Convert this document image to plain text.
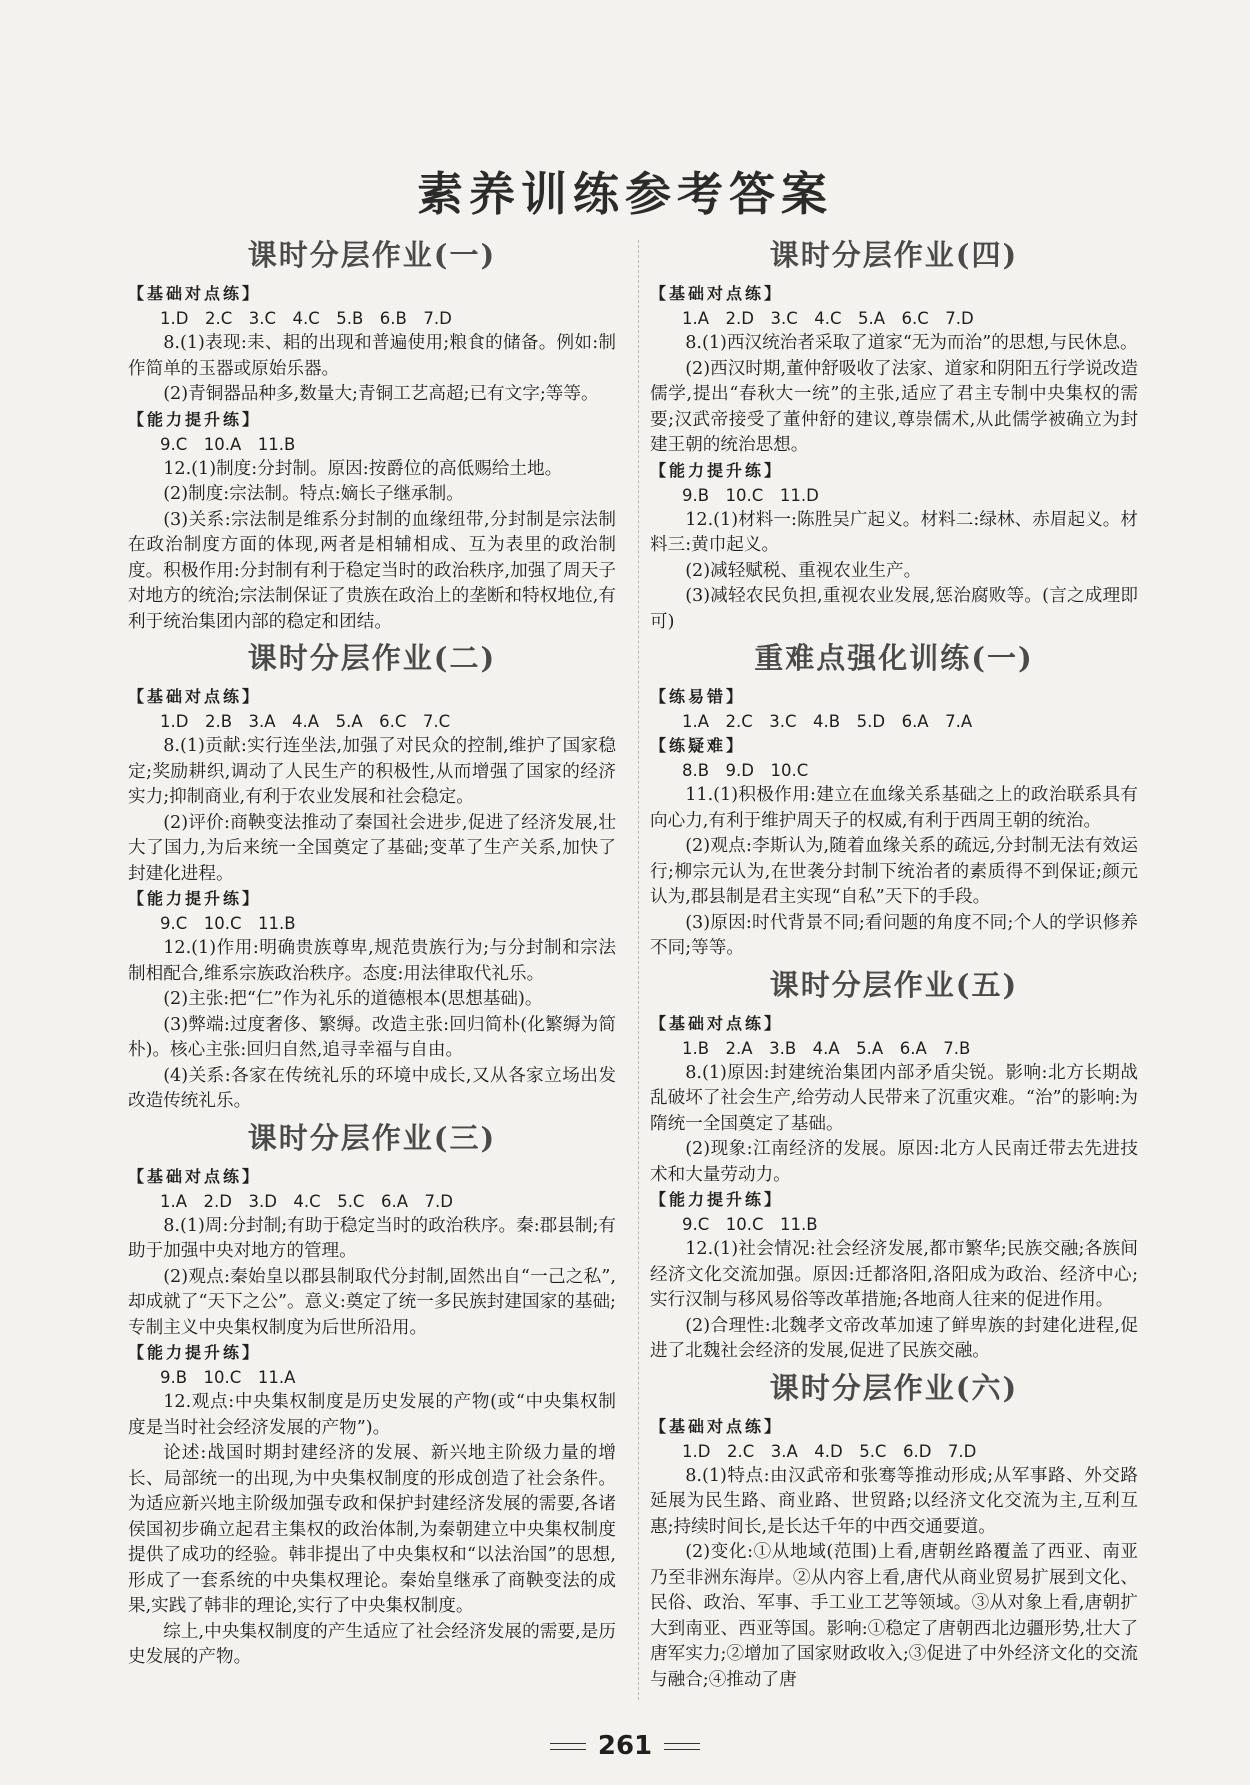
素养训练参考答案
课时分层作业(一)
【基础对点练】
1.D　2.C　3.C　4.C　5.B　6.B　7.D

8.(1)表现:耒、耜的出现和普遍使用;粮食的储备。例如:制作简单的玉器或原始乐器。

(2)青铜器品种多,数量大;青铜工艺高超;已有文字;等等。

【能力提升练】
9.C　10.A　11.B

12.(1)制度:分封制。原因:按爵位的高低赐给土地。

(2)制度:宗法制。特点:嫡长子继承制。

(3)关系:宗法制是维系分封制的血缘纽带,分封制是宗法制在政治制度方面的体现,两者是相辅相成、互为表里的政治制度。积极作用:分封制有利于稳定当时的政治秩序,加强了周天子对地方的统治;宗法制保证了贵族在政治上的垄断和特权地位,有利于统治集团内部的稳定和团结。

课时分层作业(二)
【基础对点练】
1.D　2.B　3.A　4.A　5.A　6.C　7.C

8.(1)贡献:实行连坐法,加强了对民众的控制,维护了国家稳定;奖励耕织,调动了人民生产的积极性,从而增强了国家的经济实力;抑制商业,有利于农业发展和社会稳定。

(2)评价:商鞅变法推动了秦国社会进步,促进了经济发展,壮大了国力,为后来统一全国奠定了基础;变革了生产关系,加快了封建化进程。

【能力提升练】
9.C　10.C　11.B

12.(1)作用:明确贵族尊卑,规范贵族行为;与分封制和宗法制相配合,维系宗族政治秩序。态度:用法律取代礼乐。

(2)主张:把“仁”作为礼乐的道德根本(思想基础)。

(3)弊端:过度奢侈、繁缛。改造主张:回归简朴(化繁缛为简朴)。核心主张:回归自然,追寻幸福与自由。

(4)关系:各家在传统礼乐的环境中成长,又从各家立场出发改造传统礼乐。

课时分层作业(三)
【基础对点练】
1.A　2.D　3.D　4.C　5.C　6.A　7.D

8.(1)周:分封制;有助于稳定当时的政治秩序。秦:郡县制;有助于加强中央对地方的管理。

(2)观点:秦始皇以郡县制取代分封制,固然出自“一己之私”,却成就了“天下之公”。意义:奠定了统一多民族封建国家的基础;专制主义中央集权制度为后世所沿用。

【能力提升练】
9.B　10.C　11.A

12.观点:中央集权制度是历史发展的产物(或“中央集权制度是当时社会经济发展的产物”)。

论述:战国时期封建经济的发展、新兴地主阶级力量的增长、局部统一的出现,为中央集权制度的形成创造了社会条件。为适应新兴地主阶级加强专政和保护封建经济发展的需要,各诸侯国初步确立起君主集权的政治体制,为秦朝建立中央集权制度提供了成功的经验。韩非提出了中央集权和“以法治国”的思想,形成了一套系统的中央集权理论。秦始皇继承了商鞅变法的成果,实践了韩非的理论,实行了中央集权制度。

综上,中央集权制度的产生适应了社会经济发展的需要,是历史发展的产物。

课时分层作业(四)
【基础对点练】
1.A　2.D　3.C　4.C　5.A　6.C　7.D

8.(1)西汉统治者采取了道家“无为而治”的思想,与民休息。

(2)西汉时期,董仲舒吸收了法家、道家和阴阳五行学说改造儒学,提出“春秋大一统”的主张,适应了君主专制中央集权的需要;汉武帝接受了董仲舒的建议,尊崇儒术,从此儒学被确立为封建王朝的统治思想。

【能力提升练】
9.B　10.C　11.D

12.(1)材料一:陈胜吴广起义。材料二:绿林、赤眉起义。材料三:黄巾起义。

(2)减轻赋税、重视农业生产。

(3)减轻农民负担,重视农业发展,惩治腐败等。(言之成理即可)

重难点强化训练(一)
【练易错】
1.A　2.C　3.C　4.B　5.D　6.A　7.A
【练疑难】
8.B　9.D　10.C

11.(1)积极作用:建立在血缘关系基础之上的政治联系具有向心力,有利于维护周天子的权威,有利于西周王朝的统治。

(2)观点:李斯认为,随着血缘关系的疏远,分封制无法有效运行;柳宗元认为,在世袭分封制下统治者的素质得不到保证;颜元认为,郡县制是君主实现“自私”天下的手段。

(3)原因:时代背景不同;看问题的角度不同;个人的学识修养不同;等等。

课时分层作业(五)
【基础对点练】
1.B　2.A　3.B　4.A　5.A　6.A　7.B

8.(1)原因:封建统治集团内部矛盾尖锐。影响:北方长期战乱破坏了社会生产,给劳动人民带来了沉重灾难。“治”的影响:为隋统一全国奠定了基础。

(2)现象:江南经济的发展。原因:北方人民南迁带去先进技术和大量劳动力。

【能力提升练】
9.C　10.C　11.B

12.(1)社会情况:社会经济发展,都市繁华;民族交融;各族间经济文化交流加强。原因:迁都洛阳,洛阳成为政治、经济中心;实行汉制与移风易俗等改革措施;各地商人往来的促进作用。

(2)合理性:北魏孝文帝改革加速了鲜卑族的封建化进程,促进了北魏社会经济的发展,促进了民族交融。

课时分层作业(六)
【基础对点练】
1.D　2.C　3.A　4.D　5.C　6.D　7.D

8.(1)特点:由汉武帝和张骞等推动形成;从军事路、外交路延展为民生路、商业路、世贸路;以经济文化交流为主,互利互惠;持续时间长,是长达千年的中西交通要道。

(2)变化:①从地域(范围)上看,唐朝丝路覆盖了西亚、南亚乃至非洲东海岸。②从内容上看,唐代从商业贸易扩展到文化、民俗、政治、军事、手工业工艺等领域。③从对象上看,唐朝扩大到南亚、西亚等国。影响:①稳定了唐朝西北边疆形势,壮大了唐军实力;②增加了国家财政收入;③促进了中外经济文化的交流与融合;④推动了唐

261
